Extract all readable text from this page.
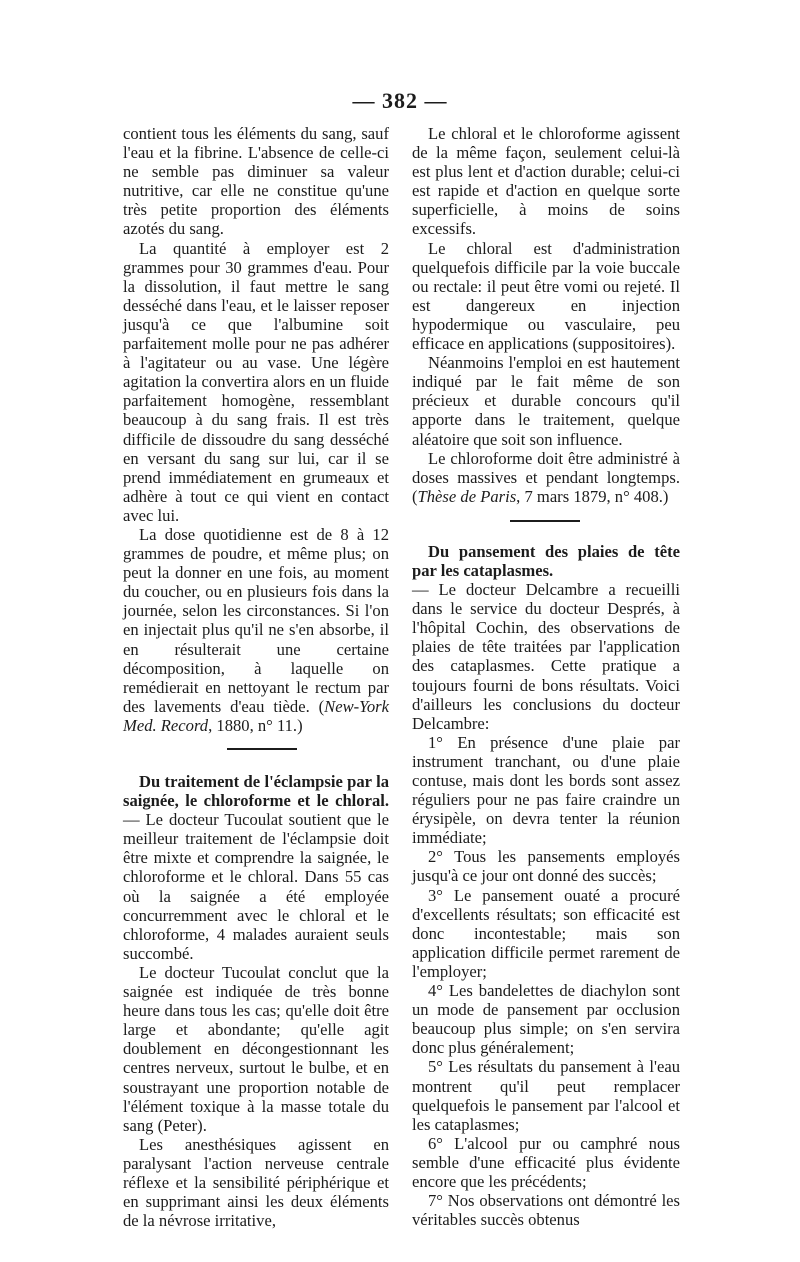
— 382 —

contient tous les éléments du sang, sauf l'eau et la fibrine. L'absence de celle-ci ne semble pas diminuer sa valeur nutritive, car elle ne constitue qu'une très petite proportion des éléments azotés du sang.

La quantité à employer est 2 grammes pour 30 grammes d'eau. Pour la dissolution, il faut mettre le sang desséché dans l'eau, et le laisser reposer jusqu'à ce que l'albumine soit parfaitement molle pour ne pas adhérer à l'agitateur ou au vase. Une légère agitation la convertira alors en un fluide parfaitement homogène, ressemblant beaucoup à du sang frais. Il est très difficile de dissoudre du sang desséché en versant du sang sur lui, car il se prend immédiatement en grumeaux et adhère à tout ce qui vient en contact avec lui.

La dose quotidienne est de 8 à 12 grammes de poudre, et même plus; on peut la donner en une fois, au moment du coucher, ou en plusieurs fois dans la journée, selon les circonstances. Si l'on en injectait plus qu'il ne s'en absorbe, il en résulterait une certaine décomposition, à laquelle on remédierait en nettoyant le rectum par des lavements d'eau tiède. (New-York Med. Record, 1880, n° 11.)

Du traitement de l'éclampsie par la saignée, le chloroforme et le chloral. — Le docteur Tucoulat soutient que le meilleur traitement de l'éclampsie doit être mixte et comprendre la saignée, le chloroforme et le chloral. Dans 55 cas où la saignée a été employée concurremment avec le chloral et le chloroforme, 4 malades auraient seuls succombé.

Le docteur Tucoulat conclut que la saignée est indiquée de très bonne heure dans tous les cas; qu'elle doit être large et abondante; qu'elle agit doublement en décongestionnant les centres nerveux, surtout le bulbe, et en soustrayant une proportion notable de l'élément toxique à la masse totale du sang (Peter).

Les anesthésiques agissent en paralysant l'action nerveuse centrale réflexe et la sensibilité périphérique et en supprimant ainsi les deux éléments de la névrose irritative,

Le chloral et le chloroforme agissent de la même façon, seulement celui-là est plus lent et d'action durable; celui-ci est rapide et d'action en quelque sorte superficielle, à moins de soins excessifs.

Le chloral est d'administration quelquefois difficile par la voie buccale ou rectale: il peut être vomi ou rejeté. Il est dangereux en injection hypodermique ou vasculaire, peu efficace en applications (suppositoires).

Néanmoins l'emploi en est hautement indiqué par le fait même de son précieux et durable concours qu'il apporte dans le traitement, quelque aléatoire que soit son influence.

Le chloroforme doit être administré à doses massives et pendant longtemps. (Thèse de Paris, 7 mars 1879, n° 408.)

Du pansement des plaies de tête par les cataplasmes.

— Le docteur Delcambre a recueilli dans le service du docteur Després, à l'hôpital Cochin, des observations de plaies de tête traitées par l'application des cataplasmes. Cette pratique a toujours fourni de bons résultats. Voici d'ailleurs les conclusions du docteur Delcambre:

1° En présence d'une plaie par instrument tranchant, ou d'une plaie contuse, mais dont les bords sont assez réguliers pour ne pas faire craindre un érysipèle, on devra tenter la réunion immédiate;

2° Tous les pansements employés jusqu'à ce jour ont donné des succès;

3° Le pansement ouaté a procuré d'excellents résultats; son efficacité est donc incontestable; mais son application difficile permet rarement de l'employer;

4° Les bandelettes de diachylon sont un mode de pansement par occlusion beaucoup plus simple; on s'en servira donc plus généralement;

5° Les résultats du pansement à l'eau montrent qu'il peut remplacer quelquefois le pansement par l'alcool et les cataplasmes;

6° L'alcool pur ou camphré nous semble d'une efficacité plus évidente encore que les précédents;

7° Nos observations ont démontré les véritables succès obtenus
